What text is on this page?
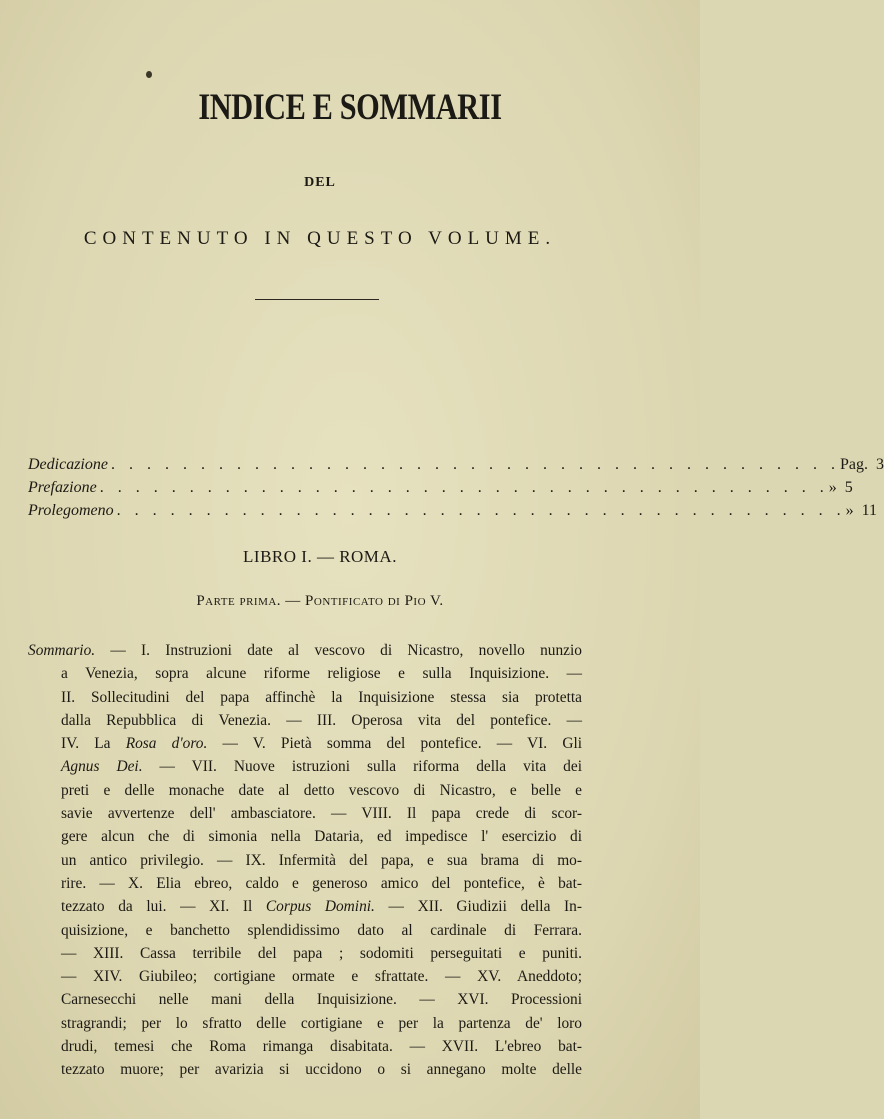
INDICE E SOMMARII
DEL
CONTENUTO IN QUESTO VOLUME.
Dedicazione . . . . . . . . . . . . . . . . . . . . . . . . . . . . . . . . . . . . . . . . . Pag. 3
Prefazione . . . . . . . . . . . . . . . . . . . . . . . . . . . . . . . . . . . . . . . . . » 5
Prolegomeno . . . . . . . . . . . . . . . . . . . . . . . . . . . . . . . . . . . . . . . . . » 11
LIBRO I. — ROMA.
Parte prima. — Pontificato di Pio V.
Sommario. — I. Instruzioni date al vescovo di Nicastro, novello nunzio
a Venezia, sopra alcune riforme religiose e sulla Inquisizione. —
II. Sollecitudini del papa affinchè la Inquisizione stessa sia protetta
dalla Repubblica di Venezia. — III. Operosa vita del pontefice. —
IV. La Rosa d'oro. — V. Pietà somma del pontefice. — VI. Gli
Agnus Dei. — VII. Nuove istruzioni sulla riforma della vita dei
preti e delle monache date al detto vescovo di Nicastro, e belle e
savie avvertenze dell' ambasciatore. — VIII. Il papa crede di scor-
gere alcun che di simonia nella Dataria, ed impedisce l' esercizio di
un antico privilegio. — IX. Infermità del papa, e sua brama di mo-
rire. — X. Elia ebreo, caldo e generoso amico del pontefice, è bat-
tezzato da lui. — XI. Il Corpus Domini. — XII. Giudizii della In-
quisizione, e banchetto splendidissimo dato al cardinale di Ferrara.
— XIII. Cassa terribile del papa ; sodomiti perseguitati e puniti.
— XIV. Giubileo; cortigiane ormate e sfrattate. — XV. Aneddoto;
Carnesecchi nelle mani della Inquisizione. — XVI. Processioni
stragrandi; per lo sfratto delle cortigiane e per la partenza de' loro
drudi, temesi che Roma rimanga disabitata. — XVII. L'ebreo bat-
tezzato muore; per avarizia si uccidono o si annegano molte delle
